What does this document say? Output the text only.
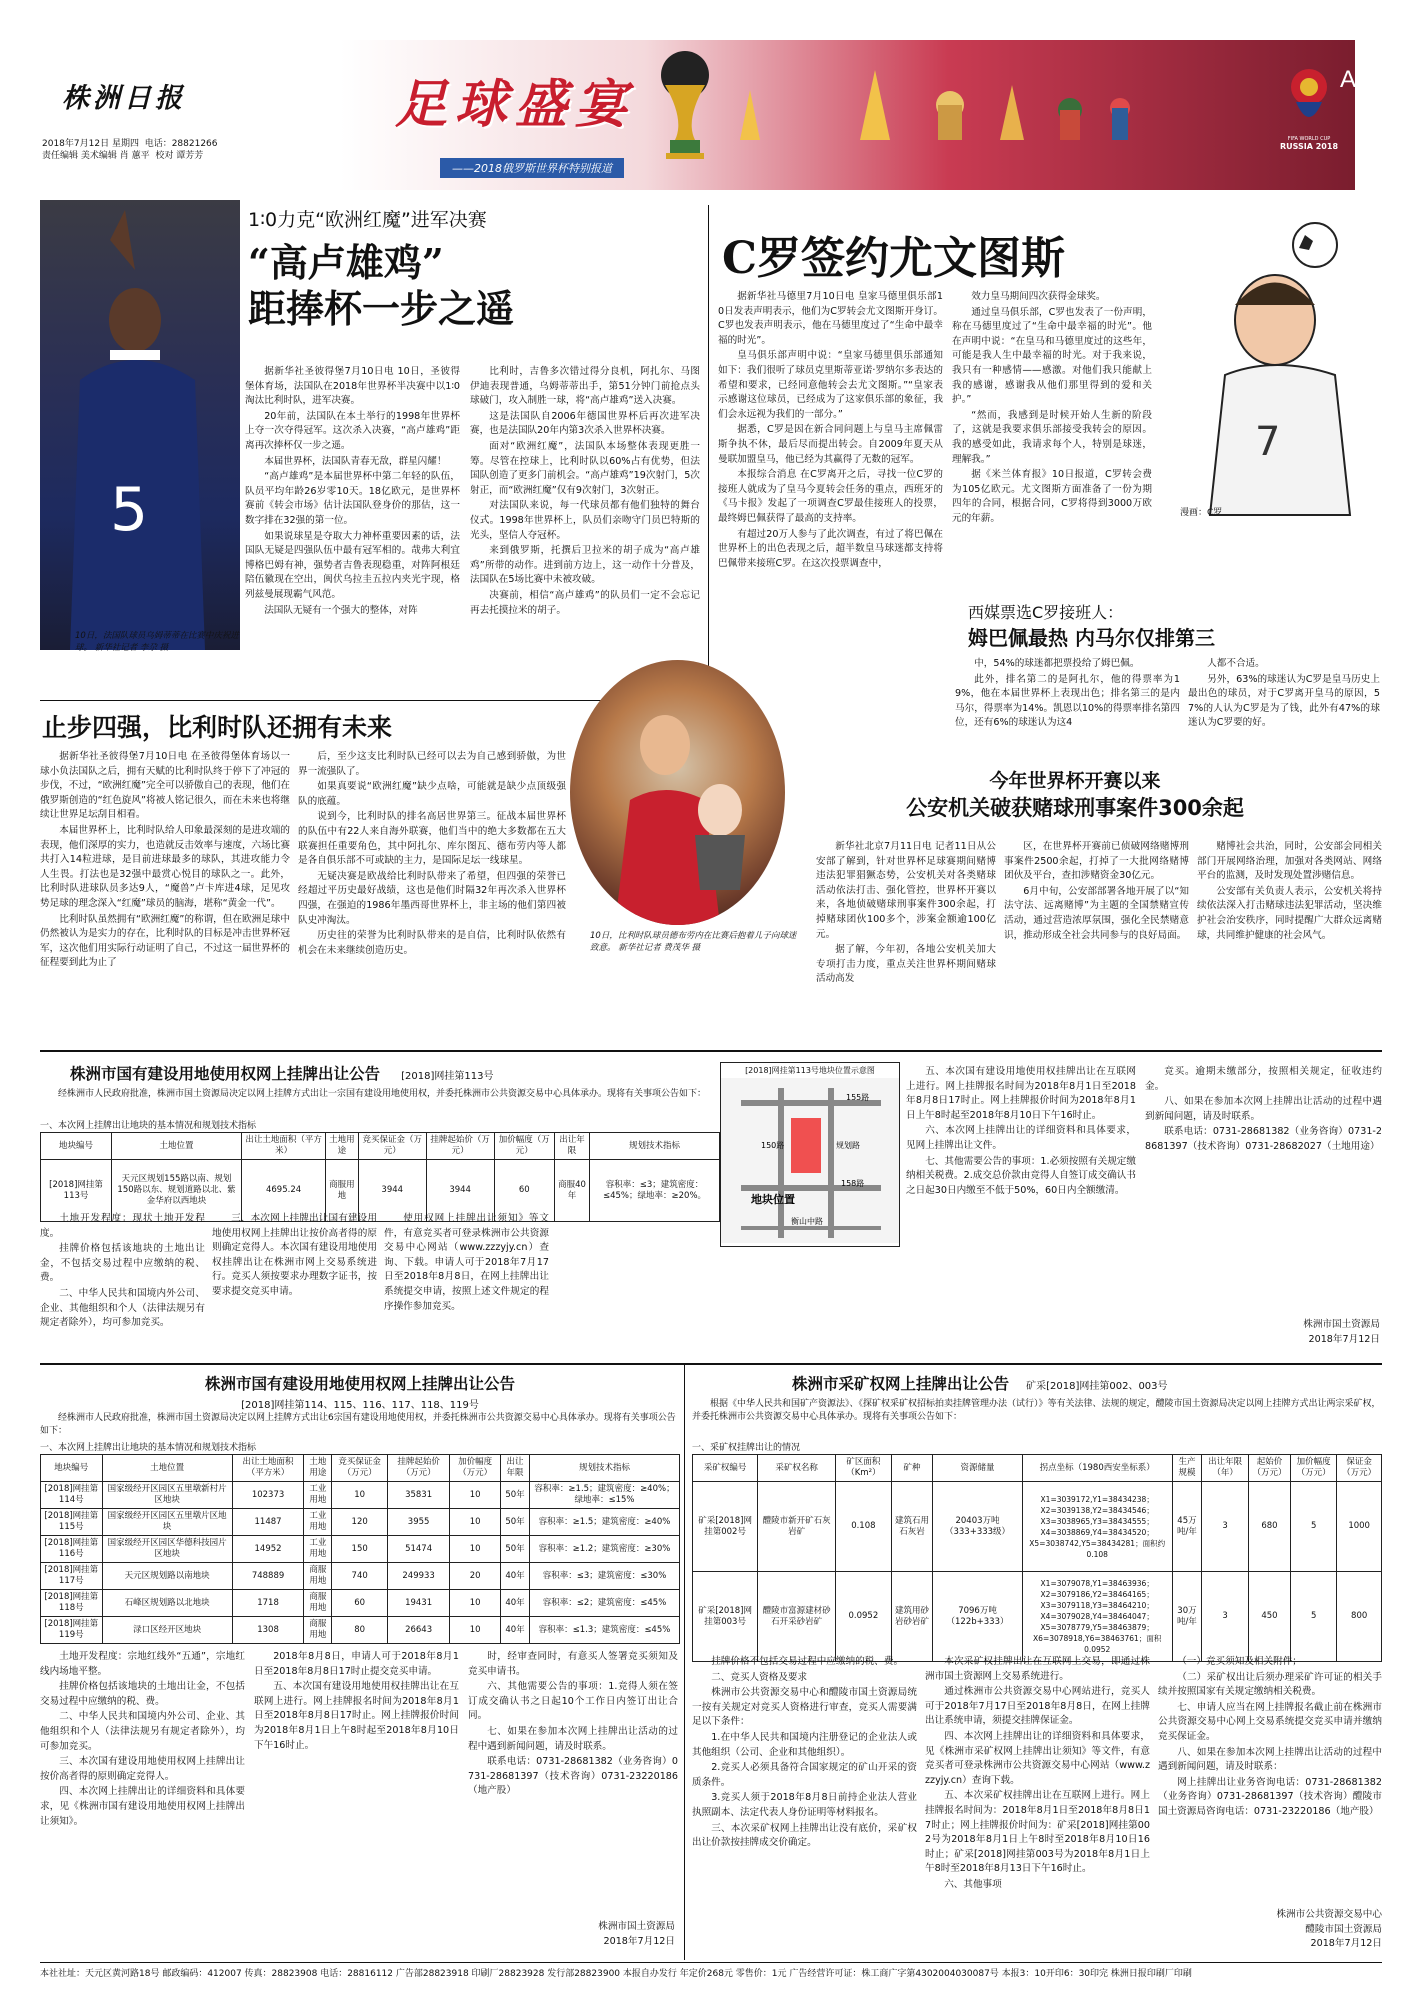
株洲日报
2018年7月12日 星期四 电话：28821266
责任编辑 美术编辑 肖 蕙平 校对 谭芳芳
足球盛宴
——2018俄罗斯世界杯特别报道
FIFA WORLD CUP
RUSSIA 2018
A4
5
10日，法国队球员乌姆蒂蒂在比赛中庆祝进球。 新华社记者 李尕 摄
1∶0力克“欧洲红魔”进军决赛
“高卢雄鸡”
距捧杯一步之遥

据新华社圣彼得堡7月10日电 10日，圣彼得堡体育场，法国队在2018年世界杯半决赛中以1∶0淘汰比利时队，进军决赛。

20年前，法国队在本土举行的1998年世界杯上夺一次夺得冠军。这次杀入决赛，“高卢雄鸡”距离再次捧杯仅一步之遥。

本届世界杯，法国队青春无敌，群星闪耀！

“高卢雄鸡”是本届世界杯中第二年轻的队伍，队员平均年龄26岁零10天。18亿欧元，是世界杯赛前《转会市场》估计法国队登身价的那估，这一数字排在32强的第一位。

如果说球星是夺取大力神杯重要因素的话，法国队无疑是四强队伍中最有冠军相的。哉弗大利宜博格巴姆有神，强势者吉鲁表现稳重，对阵阿根廷陪伍徽现在空出，闽伏乌拉圭五拉内夹光宇现，格列兹曼展现霸气风范。

法国队无疑有一个强大的整体，对阵

比利时，吉鲁多次错过得分良机，阿扎尔、马图伊迪表现普通，乌姆蒂蒂出手，第51分钟门前抢点头球破门，攻入制胜一球，将“高卢雄鸡”送入决赛。

这是法国队自2006年德国世界杯后再次进军决赛，也是法国队20年内第3次杀入世界杯决赛。

面对“欧洲红魔”，法国队本场整体表现更胜一筹。尽管在控球上，比利时队以60%占有优势，但法国队创造了更多门前机会。“高卢雄鸡”19次射门，5次射正，而“欧洲红魔”仅有9次射门，3次射正。

对法国队来说，每一代球员都有他们独特的舞台仪式。1998年世界杯上，队员们亲吻守门员巴特斯的光头，坚信人夺冠杯。

来到俄罗斯，托撰后卫拉米的胡子成为“高卢雄鸡”所带的动作。进到前方边上，这一动作十分普及，法国队在5场比赛中未被攻破。

决赛前，相信“高卢雄鸡”的队员们一定不会忘记再去托摸拉米的胡子。

C罗签约尤文图斯

据新华社马德里7月10日电 皇家马德里俱乐部10日发表声明表示，他们为C罗转会尤文图斯开身订。C罗也发表声明表示，他在马德里度过了“生命中最幸福的时光”。

皇马俱乐部声明中说：“皇家马德里俱乐部通知如下：我们很听了球员克里斯蒂亚诺·罗纳尔多表达的希望和要求，已经同意他转会去尤文图斯。”“皇家表示感谢这位球员，已经成为了这家俱乐部的象征，我们会永远视为我们的一部分。”

据悉，C罗是因在新合同问题上与皇马主席佩雷斯争执不休，最后尽而提出转会。自2009年夏天从曼联加盟皇马，他已经为其赢得了无数的冠军。

本报综合消息 在C罗离开之后，寻找一位C罗的接班人就成为了皇马今夏转会任务的重点，西班牙的《马卡报》发起了一项调查C罗最佳接班人的投票，最终姆巴佩获得了最高的支持率。

有超过20万人参与了此次调查，有过了将巴佩在世界杯上的出色表现之后，超半数皇马球迷都支持将巴佩带来接班C罗。在这次投票调查中，

效力皇马期间四次获得金球奖。

通过皇马俱乐部，C罗也发表了一份声明，称在马德里度过了“生命中最幸福的时光”。他在声明中说：“在皇马和马德里度过的这些年，可能是我人生中最幸福的时光。对于我来说，我只有一种感情——感激。对他们我只能献上我的感谢，感谢我从他们那里得到的爱和关护。”

“然而，我感到是时候开始人生新的阶段了，这就是我要求俱乐部接受我转会的原因。我的感受如此，我请求每个人，特别是球迷，理解我。”

据《米兰体育报》10日报道，C罗转会费为105亿欧元。尤文图斯方面准备了一份为期四年的合同，根据合同，C罗将得到3000万欧元的年薪。

7
漫画：C罗
西媒票选C罗接班人：
姆巴佩最热 内马尔仅排第三

中，54%的球迷都把票投给了姆巴佩。

此外，排名第二的是阿扎尔，他的得票率为19%，他在本届世界杯上表现出色；排名第三的是内马尔，得票率为14%。凯恩以10%的得票率排名第四位，还有6%的球迷认为这4

人都不合适。

另外，63%的球迷认为C罗是皇马历史上最出色的球员，对于C罗离开皇马的原因，57%的人认为C罗是为了钱，此外有47%的球迷认为C罗要的好。

止步四强，比利时队还拥有未来

据新华社圣彼得堡7月10日电 在圣彼得堡体育场以一球小负法国队之后，拥有天赋的比利时队终于停下了冲冠的步伐，不过，“欧洲红魔”完全可以骄傲自己的表现，他们在俄罗斯创造的“红色旋风”将被人铭记很久，而在未来也将继续让世界足坛刮目相看。

本届世界杯上，比利时队给人印象最深刻的是进攻端的表现，他们深厚的实力，也造就反击效率与速度，六场比赛共打入14粒进球，是目前进球最多的球队，其进攻能力令人生畏。打法也是32强中最赏心悦目的球队之一。此外，比利时队进球队员多达9人，“魔兽”卢卡库进4球，足见攻势足球的理念深入“红魔”球员的脑海，堪称“黄金一代”。

比利时队虽然拥有“欧洲红魔”的称谓，但在欧洲足球中仍然被认为是实力的存在，比利时队的目标是冲击世界杯冠军，这次他们用实际行动证明了自己，不过这一届世界杯的征程要到此为止了

后，至少这支比利时队已经可以去为自己感到骄傲，为世界一流强队了。

如果真要说“欧洲红魔”缺少点啥，可能就是缺少点顶级强队的底蕴。

说到今，比利时队的排名高居世界第三。征战本届世界杯的队伍中有22人来自海外联赛，他们当中的绝大多数都在五大联赛担任重要角色，其中阿扎尔、库尔图瓦、德布劳内等人都是各自俱乐部不可或缺的主力，是国际足坛一线球星。

无疑决赛是欧战给比利时队带来了希望，但四强的荣誉已经超过平历史最好战绩，这也是他们时隔32年再次杀入世界杯四强，在强迫的1986年墨西哥世界杯上，非主场的他们第四被队史冲淘汰。

历史往的荣誉为比利时队带来的是自信，比利时队依然有机会在未来继续创造历史。

10日，比利时队球员德布劳内在比赛后抱着儿子向球迷致意。 新华社记者 费茂华 摄
今年世界杯开赛以来
公安机关破获赌球刑事案件300余起

新华社北京7月11日电 记者11日从公安部了解到，针对世界杯足球赛期间赌博违法犯罪猖獗态势，公安机关对各类赌球活动依法打击、强化管控，世界杯开赛以来，各地侦破赌球刑事案件300余起，打掉赌球团伙100多个，涉案金额逾100亿元。

据了解，今年初，各地公安机关加大专项打击力度，重点关注世界杯期间赌球活动高发

区，在世界杯开赛前已侦破网络赌博刑事案件2500余起，打掉了一大批网络赌博团伙及平台，查扣涉赌资金30亿元。

6月中旬，公安部部署各地开展了以“知法守法、远离赌博”为主题的全国禁赌宣传活动，通过营造浓厚氛围，强化全民禁赌意识，推动形成全社会共同参与的良好局面。

赌博社会共治，同时，公安部会同相关部门开展网络治理，加强对各类网站、网络平台的监测，及时发现处置涉赌信息。

公安部有关负责人表示，公安机关将持续依法深入打击赌球违法犯罪活动，坚决维护社会治安秩序，同时提醒广大群众远离赌球，共同维护健康的社会风气。

株洲市国有建设用地使用权网上挂牌出让公告 [2018]网挂第113号
经株洲市人民政府批准，株洲市国土资源局决定以网上挂牌方式出让一宗国有建设用地使用权，并委托株洲市公共资源交易中心具体承办。现将有关事项公告如下：
一、本次网上挂牌出让地块的基本情况和规划技术指标
地块编号	土地位置	出让土地面积（平方米）	土地用途	竞买保证金（万元）	挂牌起始价（万元）	加价幅度（万元）	出让年限	规划技术指标
[2018]网挂第113号	天元区规划155路以南、规划150路以东、规划道路以北、紫金华府以西地块	4695.24	商服用地	3944	3944	60	商服40年	容积率：≤3；建筑密度：≤45%；绿地率：≥20%。
[2018]网挂第113号地块位置示意图
155路
150路
158路
规划路
地块位置
衡山中路

土地开发程度：现状土地开发程度。

挂牌价格包括该地块的土地出让金，不包括交易过程中应缴纳的税、费。

二、中华人民共和国境内外公司、企业、其他组织和个人（法律法规另有规定者除外），均可参加竞买。

三、本次网上挂牌出让国有建设用地使用权网上挂牌出让按价高者得的原则确定竞得人。本次国有建设用地使用权挂牌出让在株洲市网上交易系统进行。竞买人须按要求办理数字证书，按要求提交竞买申请。

使用权网上挂牌出让须知》等文件，有意竞买者可登录株洲市公共资源交易中心网站（www.zzzyjy.cn）查询、下载。申请人可于2018年7月17日至2018年8月8日，在网上挂牌出让系统提交申请，按照上述文件规定的程序操作参加竞买。

五、本次国有建设用地使用权挂牌出让在互联网上进行。网上挂牌报名时间为2018年8月1日至2018年8月8日17时止。网上挂牌报价时间为2018年8月1日上午8时起至2018年8月10日下午16时止。

六、本次网上挂牌出让的详细资料和具体要求，见网上挂牌出让文件。

七、其他需要公告的事项：1.必须按照有关规定缴纳相关税费。2.成交总价款由竞得人自签订成交确认书之日起30日内缴至不低于50%，60日内全额缴清。

竞买。逾期未缴部分，按照相关规定，征收违约金。

八、如果在参加本次网上挂牌出让活动的过程中遇到新闻问题，请及时联系。

联系电话：0731-28681382（业务咨询）0731-28681397（技术咨询）0731-28682027（土地用途）

株洲市国土资源局
2018年7月12日
株洲市国有建设用地使用权网上挂牌出让公告
[2018]网挂第114、115、116、117、118、119号
经株洲市人民政府批准，株洲市国土资源局决定以网上挂牌方式出让6宗国有建设用地使用权，并委托株洲市公共资源交易中心具体承办。现将有关事项公告如下：
一、本次网上挂牌出让地块的基本情况和规划技术指标
地块编号	土地位置	出让土地面积（平方米）	土地用途	竞买保证金（万元）	挂牌起始价（万元）	加价幅度（万元）	出让年限	规划技术指标
[2018]网挂第114号	国家级经开区园区五里墩新村片区地块	102373	工业用地	10	35831	10	50年	容积率：≥1.5；建筑密度：≥40%；绿地率：≤15%
[2018]网挂第115号	国家级经开区园区五里墩片区地块	11487	工业用地	120	3955	10	50年	容积率：≥1.5；建筑密度：≥40%
[2018]网挂第116号	国家级经开区园区华德科技园片区地块	14952	工业用地	150	51474	10	50年	容积率：≥1.2；建筑密度：≥30%
[2018]网挂第117号	天元区规划路以南地块	748889	商服用地	740	249933	20	40年	容积率：≤3；建筑密度：≤30%
[2018]网挂第118号	石峰区规划路以北地块	1718	商服用地	60	19431	10	40年	容积率：≤2；建筑密度：≤45%
[2018]网挂第119号	渌口区经开区地块	1308	商服用地	80	26643	10	40年	容积率：≤1.3；建筑密度：≤45%

土地开发程度：宗地红线外“五通”，宗地红线内场地平整。

挂牌价格包括该地块的土地出让金，不包括交易过程中应缴纳的税、费。

二、中华人民共和国境内外公司、企业、其他组织和个人（法律法规另有规定者除外），均可参加竞买。

三、本次国有建设用地使用权网上挂牌出让按价高者得的原则确定竞得人。

四、本次网上挂牌出让的详细资料和具体要求，见《株洲市国有建设用地使用权网上挂牌出让须知》。

2018年8月8日，申请人可于2018年8月1日至2018年8月8日17时止提交竞买申请。

五、本次国有建设用地使用权挂牌出让在互联网上进行。网上挂牌报名时间为2018年8月1日至2018年8月8日17时止。网上挂牌报价时间为2018年8月1日上午8时起至2018年8月10日下午16时止。

时，经审查同时，有意买人签署竞买须知及竞买申请书。

六、其他需要公告的事项：1.竞得人须在签订成交确认书之日起10个工作日内签订出让合同。

七、如果在参加本次网上挂牌出让活动的过程中遇到新闻问题，请及时联系。

联系电话：0731-28681382（业务咨询）0731-28681397（技术咨询）0731-23220186（地产股）

株洲市国土资源局
2018年7月12日
株洲市采矿权网上挂牌出让公告 矿采[2018]网挂第002、003号
根据《中华人民共和国矿产资源法》、《探矿权采矿权招标拍卖挂牌管理办法（试行）》等有关法律、法规的规定，醴陵市国土资源局决定以网上挂牌方式出让两宗采矿权，并委托株洲市公共资源交易中心具体承办。现将有关事项公告如下：
一、采矿权挂牌出让的情况
采矿权编号	采矿权名称	矿区面积（Km²）	矿种	资源储量	拐点坐标（1980西安坐标系）	生产规模	出让年限（年）	起始价（万元）	加价幅度（万元）	保证金（万元）
矿采[2018]网挂第002号	醴陵市新开矿石灰岩矿	0.108	建筑石用石灰岩	20403万吨（333+333级）	X1=3039172,Y1=38434238；X2=3039138,Y2=38434546；X3=3038965,Y3=38434555；X4=3038869,Y4=38434520；X5=3038742,Y5=38434281；面积约0.108	45万吨/年	3	680	5	1000
矿采[2018]网挂第003号	醴陵市富源建材砂石开采砂岩矿	0.0952	建筑用砂岩砂岩矿	7096万吨（122b+333）	X1=3079078,Y1=38463936；X2=3079186,Y2=38464165；X3=3079118,Y3=38464210；X4=3079028,Y4=38464047；X5=3078779,Y5=38463879；X6=3078918,Y6=38463761；面积0.0952	30万吨/年	3	450	5	800

挂牌价格不包括交易过程中应缴纳的税、费。

二、竞买人资格及要求

株洲市公共资源交易中心和醴陵市国土资源局统一按有关规定对竞买人资格进行审查，竞买人需要满足以下条件：

1.在中华人民共和国境内注册登记的企业法人或其他组织（公司、企业和其他组织）。

2.竞买人必须具备符合国家规定的矿山开采的资质条件。

3.竞买人须于2018年8月8日前持企业法人营业执照副本、法定代表人身份证明等材料报名。

三、本次采矿权网上挂牌出让没有底价，采矿权出让价款按挂牌成交价确定。

本次采矿权挂牌出让在互联网上交易，即通过株洲市国土资源网上交易系统进行。

通过株洲市公共资源交易中心网站进行，竞买人可于2018年7月17日至2018年8月8日，在网上挂牌出让系统申请，须提交挂牌保证金。

四、本次网上挂牌出让的详细资料和具体要求，见《株洲市采矿权网上挂牌出让须知》等文件，有意竞买者可登录株洲市公共资源交易中心网站（www.zzzyjy.cn）查询下载。

五、本次采矿权挂牌出让在互联网上进行。网上挂牌报名时间为：2018年8月1日至2018年8月8日17时止；网上挂牌报价时间为：矿采[2018]网挂第002号为2018年8月1日上午8时至2018年8月10日16时止；矿采[2018]网挂第003号为2018年8月1日上午8时至2018年8月13日下午16时止。

六、其他事项

（一）竞买须知及相关附件；

（二）采矿权出让后须办理采矿许可证的相关手续并按照国家有关规定缴纳相关税费。

七、申请人应当在网上挂牌报名截止前在株洲市公共资源交易中心网上交易系统提交竞买申请并缴纳竞买保证金。

八、如果在参加本次网上挂牌出让活动的过程中遇到新闻问题，请及时联系：

网上挂牌出让业务咨询电话：0731-28681382（业务咨询）0731-28681397（技术咨询）醴陵市国土资源局咨询电话：0731-23220186（地产股）

株洲市公共资源交易中心
醴陵市国土资源局
2018年7月12日
本社社址：天元区黄河路18号 邮政编码：412007 传真：28823908 电话：28816112 广告部28823918 印刷厂28823928 发行部28823900 本报自办发行 年定价268元 零售价：1元 广告经营许可证：株工商广字第4302004030087号 本报3：10开印6：30印完 株洲日报印刷厂印刷
